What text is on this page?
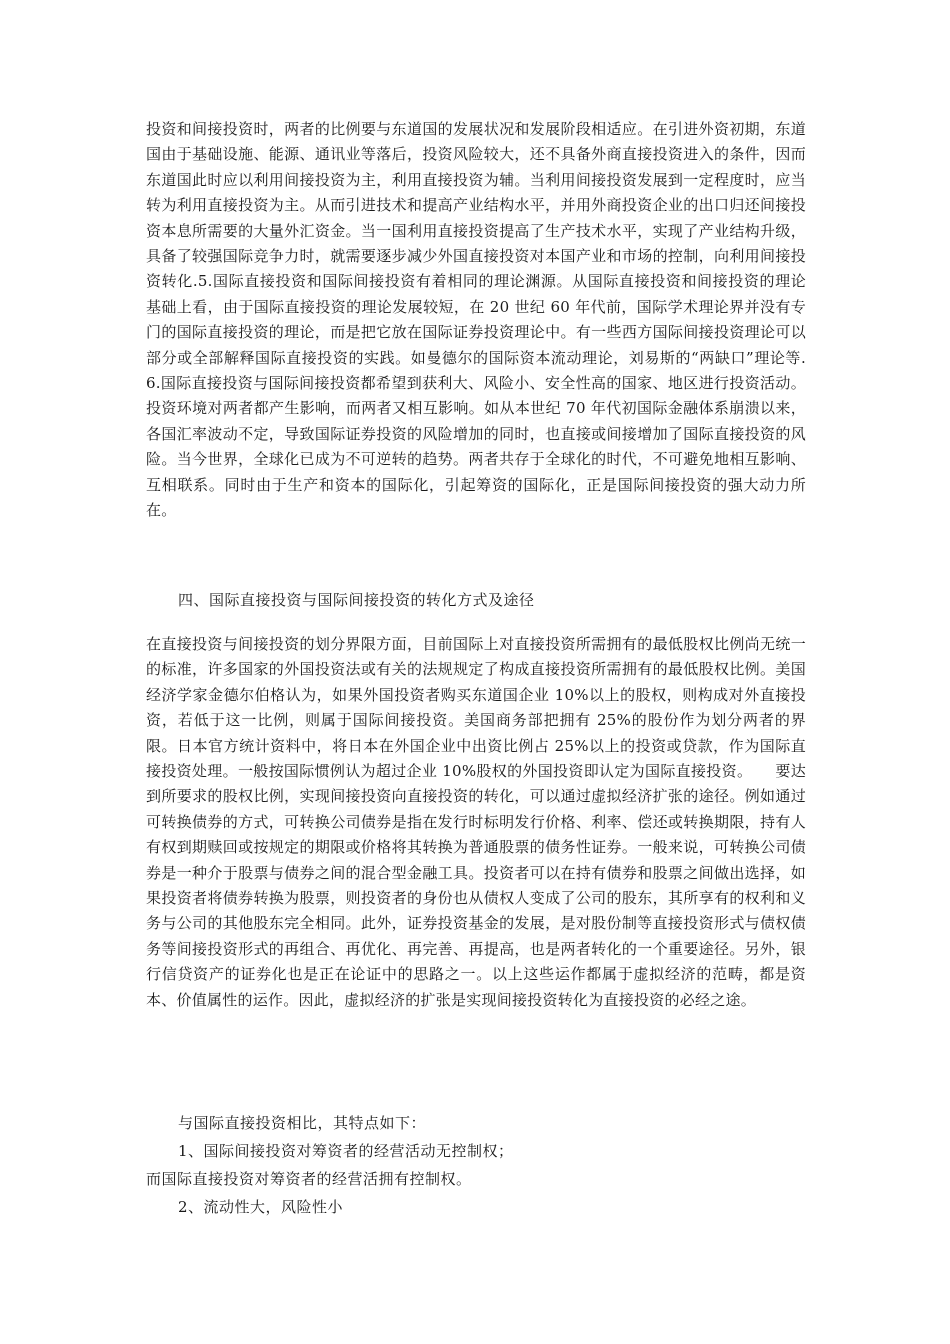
投资和间接投资时，两者的比例要与东道国的发展状况和发展阶段相适应。在引进外资初期，东道国由于基础设施、能源、通讯业等落后，投资风险较大，还不具备外商直接投资进入的条件，因而东道国此时应以利用间接投资为主，利用直接投资为辅。当利用间接投资发展到一定程度时，应当转为利用直接投资为主。从而引进技术和提高产业结构水平，并用外商投资企业的出口归还间接投资本息所需要的大量外汇资金。当一国利用直接投资提高了生产技术水平，实现了产业结构升级，具备了较强国际竞争力时，就需要逐步减少外国直接投资对本国产业和市场的控制，向利用间接投资转化.5.国际直接投资和国际间接投资有着相同的理论渊源。从国际直接投资和间接投资的理论基础上看，由于国际直接投资的理论发展较短，在 20 世纪 60 年代前，国际学术理论界并没有专门的国际直接投资的理论，而是把它放在国际证券投资理论中。有一些西方国际间接投资理论可以部分或全部解释国际直接投资的实践。如曼德尔的国际资本流动理论，刘易斯的“两缺口”理论等.6.国际直接投资与国际间接投资都希望到获利大、风险小、安全性高的国家、地区进行投资活动。投资环境对两者都产生影响，而两者又相互影响。如从本世纪 70 年代初国际金融体系崩溃以来，各国汇率波动不定，导致国际证券投资的风险增加的同时，也直接或间接增加了国际直接投资的风险。当今世界，全球化已成为不可逆转的趋势。两者共存于全球化的时代，不可避免地相互影响、互相联系。同时由于生产和资本的国际化，引起筹资的国际化，正是国际间接投资的强大动力所在。

四、国际直接投资与国际间接投资的转化方式及途径

在直接投资与间接投资的划分界限方面，目前国际上对直接投资所需拥有的最低股权比例尚无统一的标准，许多国家的外国投资法或有关的法规规定了构成直接投资所需拥有的最低股权比例。美国经济学家金德尔伯格认为，如果外国投资者购买东道国企业 10%以上的股权，则构成对外直接投资，若低于这一比例，则属于国际间接投资。美国商务部把拥有 25%的股份作为划分两者的界限。日本官方统计资料中，将日本在外国企业中出资比例占 25%以上的投资或贷款，作为国际直接投资处理。一般按国际惯例认为超过企业 10%股权的外国投资即认定为国际直接投资。　　要达到所要求的股权比例，实现间接投资向直接投资的转化，可以通过虚拟经济扩张的途径。例如通过可转换债券的方式，可转换公司债券是指在发行时标明发行价格、利率、偿还或转换期限，持有人有权到期赎回或按规定的期限或价格将其转换为普通股票的债务性证券。一般来说，可转换公司债券是一种介于股票与债券之间的混合型金融工具。投资者可以在持有债券和股票之间做出选择，如果投资者将债券转换为股票，则投资者的身份也从债权人变成了公司的股东，其所享有的权利和义务与公司的其他股东完全相同。此外，证券投资基金的发展，是对股份制等直接投资形式与债权债务等间接投资形式的再组合、再优化、再完善、再提高，也是两者转化的一个重要途径。另外，银行信贷资产的证券化也是正在论证中的思路之一。以上这些运作都属于虚拟经济的范畴，都是资本、价值属性的运作。因此，虚拟经济的扩张是实现间接投资转化为直接投资的必经之途。

与国际直接投资相比，其特点如下：

1、国际间接投资对筹资者的经营活动无控制权；

而国际直接投资对筹资者的经营活拥有控制权。

2、流动性大，风险性小
